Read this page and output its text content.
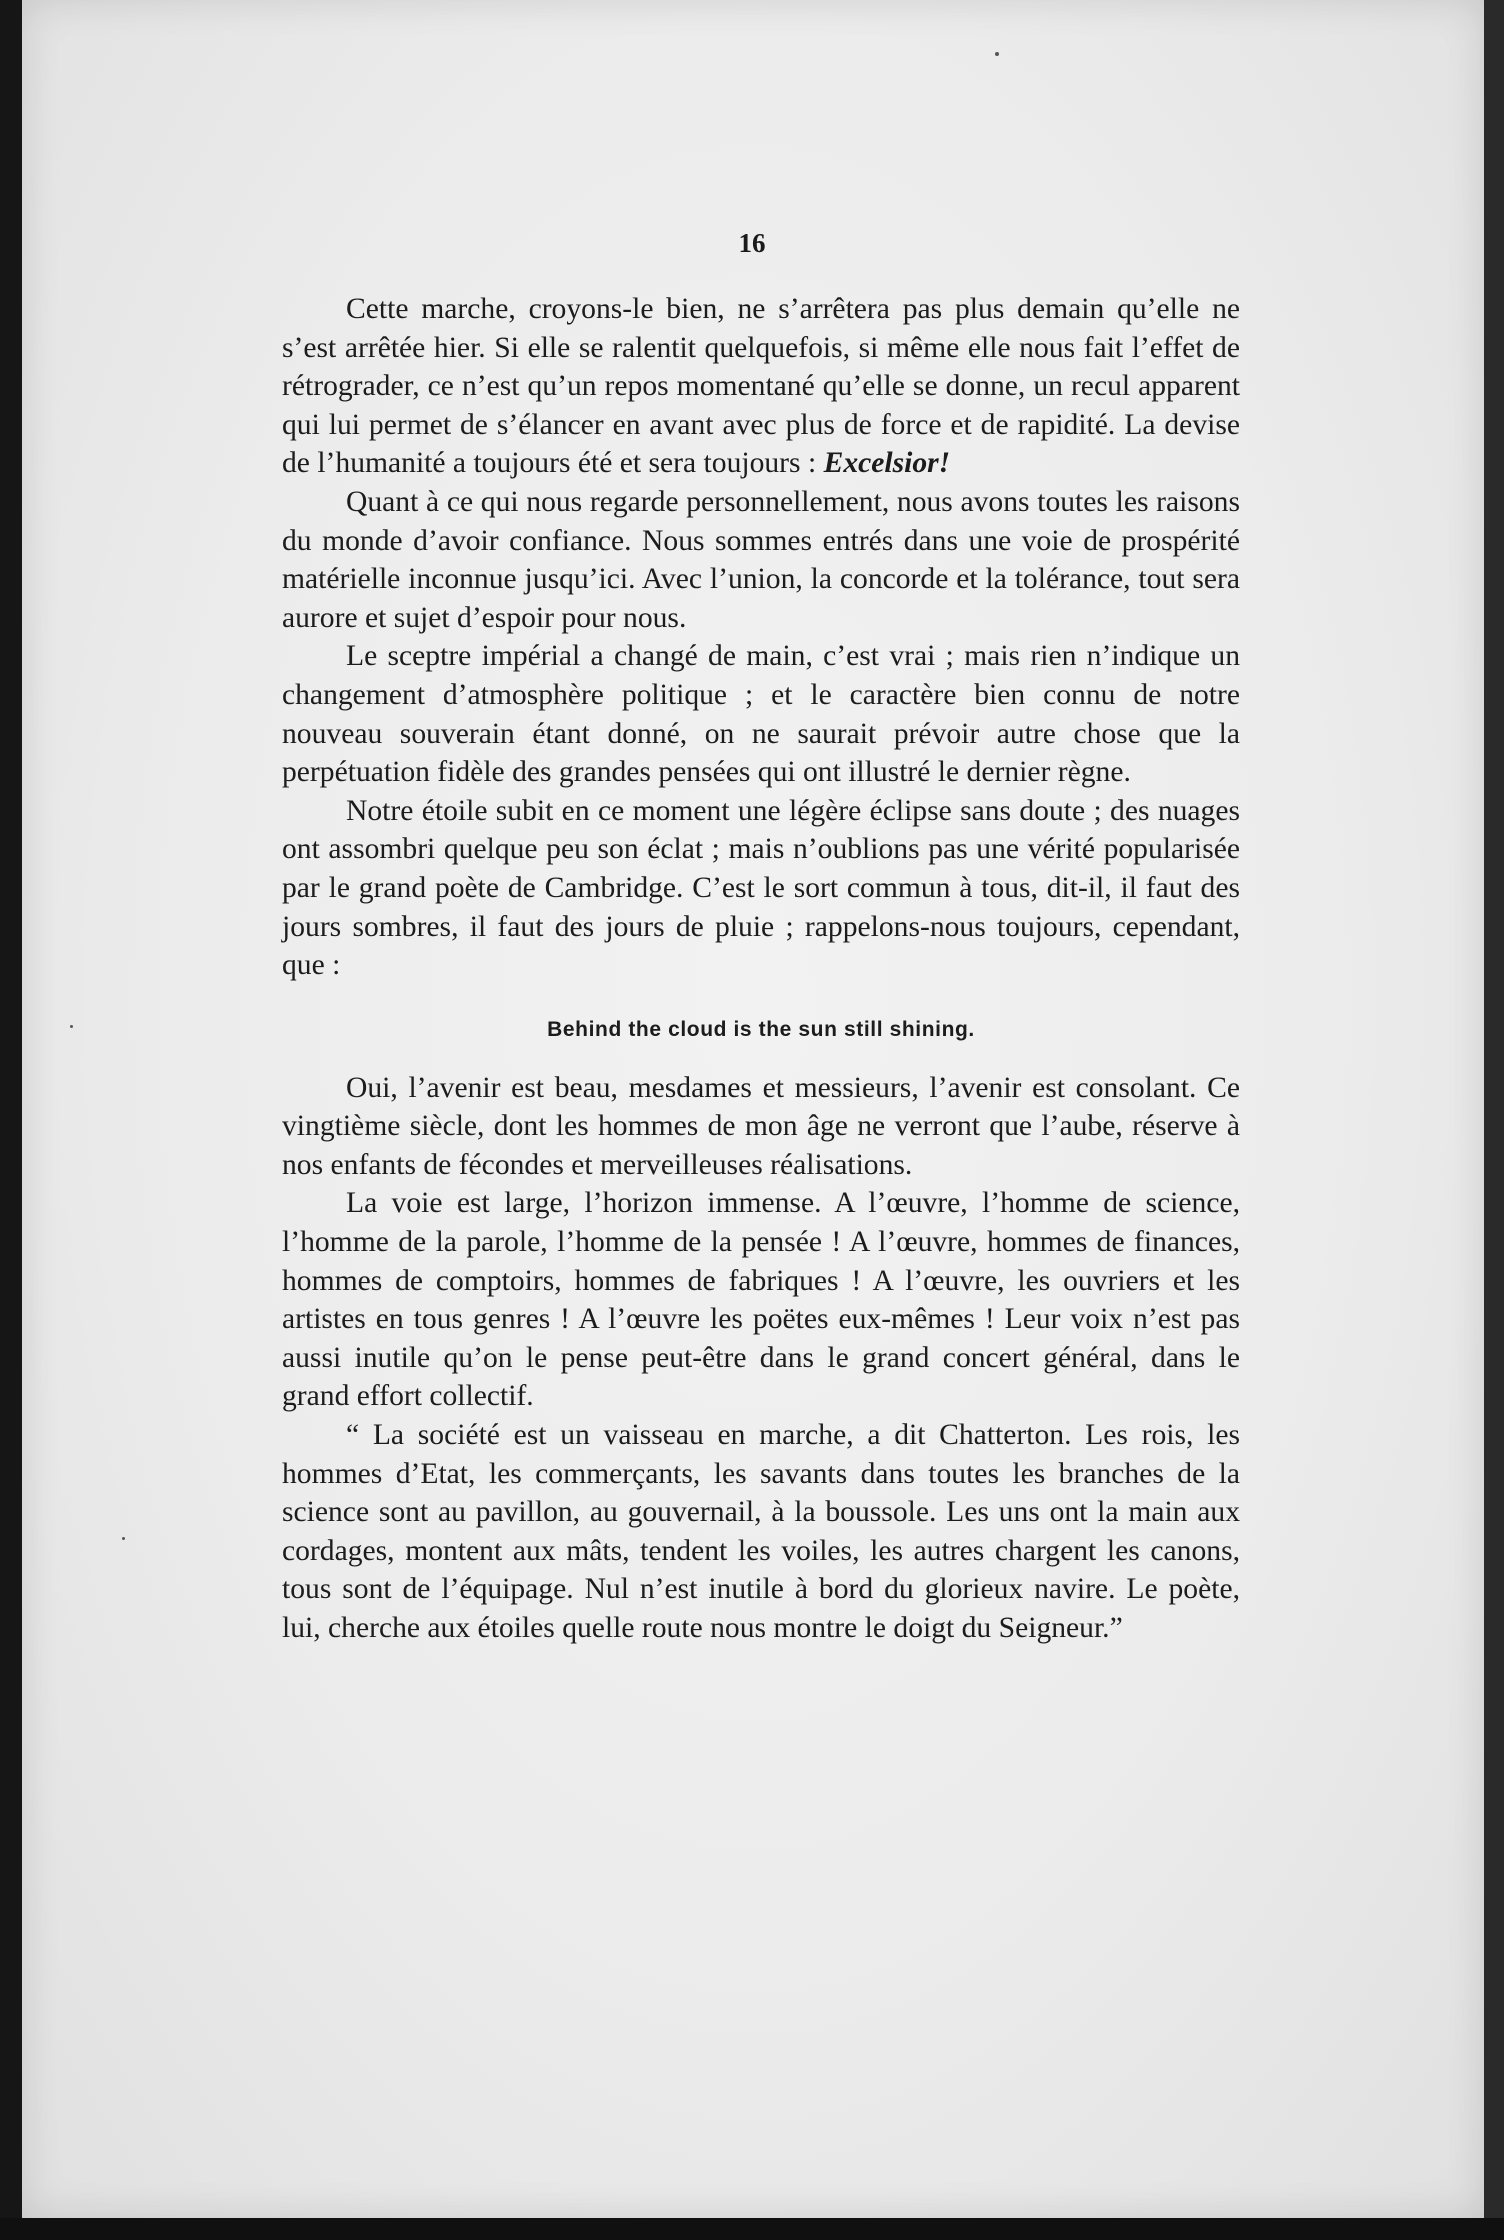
16

Cette marche, croyons-le bien, ne s’arrêtera pas plus demain qu’elle ne s’est arrêtée hier. Si elle se ralentit quelquefois, si même elle nous fait l’effet de rétrograder, ce n’est qu’un repos momentané qu’elle se donne, un recul apparent qui lui permet de s’élancer en avant avec plus de force et de rapidité. La devise de l’humanité a toujours été et sera toujours : Excelsior!

Quant à ce qui nous regarde personnellement, nous avons toutes les raisons du monde d’avoir confiance. Nous sommes entrés dans une voie de prospérité matérielle inconnue jusqu’ici. Avec l’union, la concorde et la tolérance, tout sera aurore et sujet d’espoir pour nous.

Le sceptre impérial a changé de main, c’est vrai ; mais rien n’indique un changement d’atmosphère politique ; et le caractère bien connu de notre nouveau souverain étant donné, on ne saurait prévoir autre chose que la perpétuation fidèle des grandes pensées qui ont illustré le dernier règne.

Notre étoile subit en ce moment une légère éclipse sans doute ; des nuages ont assombri quelque peu son éclat ; mais n’oublions pas une vérité popularisée par le grand poète de Cambridge. C’est le sort commun à tous, dit-il, il faut des jours sombres, il faut des jours de pluie ; rappelons-nous toujours, cependant, que :

Behind the cloud is the sun still shining.

Oui, l’avenir est beau, mesdames et messieurs, l’avenir est consolant. Ce vingtième siècle, dont les hommes de mon âge ne verront que l’aube, réserve à nos enfants de fécondes et merveilleuses réalisations.

La voie est large, l’horizon immense. A l’œuvre, l’homme de science, l’homme de la parole, l’homme de la pensée ! A l’œuvre, hommes de finances, hommes de comptoirs, hommes de fabriques ! A l’œuvre, les ouvriers et les artistes en tous genres ! A l’œuvre les poëtes eux-mêmes ! Leur voix n’est pas aussi inutile qu’on le pense peut-être dans le grand concert général, dans le grand effort collectif.

“ La société est un vaisseau en marche, a dit Chatterton. Les rois, les hommes d’Etat, les commerçants, les savants dans toutes les branches de la science sont au pavillon, au gouvernail, à la boussole. Les uns ont la main aux cordages, montent aux mâts, tendent les voiles, les autres chargent les canons, tous sont de l’équipage. Nul n’est inutile à bord du glorieux navire. Le poète, lui, cherche aux étoiles quelle route nous montre le doigt du Seigneur.”
